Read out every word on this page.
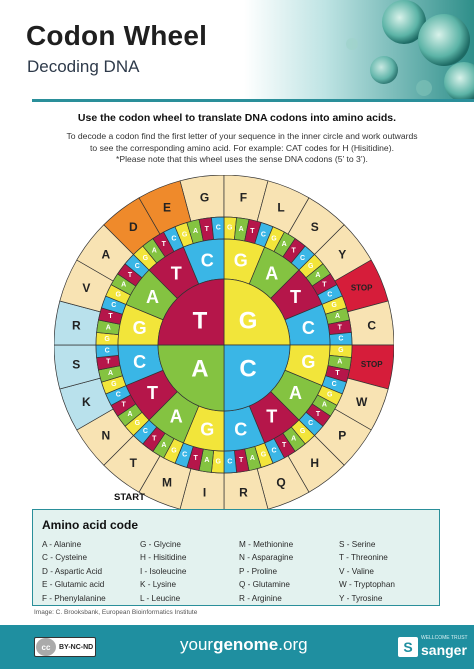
Codon Wheel
Decoding DNA
Use the codon wheel to translate DNA codons into amino acids.
To decode a codon find the first letter of your sequence in the inner circle and work outwards
to see the corresponding amino acid. For example: CAT codes for H (Hisitidine).
*Please note that this wheel uses the sense DNA codons (5’ to 3’).
G	F
L
S
Y
STOP
C
STOP
W
P
H
Q
R
I
M
T
N
K
S
R
V
A
D
E
G A T C
G
A
T
C
G
A
T
C
G
A
T
C
G
A
T
C
G
A
T
C
G
A
T
C
G
A
T
C
G
A
T
C
G
A
T
C
G
A
T
C
G
A
T
C
G
A
T
C
G
A
T
C
G
A
T
C
G A T C
G
A
T
C
G
A
T
C
G
A
T
C
G
A
T
C
G
C
A
T
START
Amino acid code
A - Alanine
C - Cysteine
D - Aspartic Acid
E - Glutamic acid
F - Phenylalanine
G - Glycine
H - Hisitidine
I - Isoleucine
K - Lysine
L - Leucine
M - Methionine
N - Asparagine
P - Proline
Q - Glutamine
R - Arginine
S - Serine
T - Threonine
V - Valine
W - Tryptophan
Y - Tyrosine
Image: C. Brooksbank, European Bioinformatics Institute
cc	BY-NC-ND	yourgenome.org	S
WELLCOME TRUST
sanger
